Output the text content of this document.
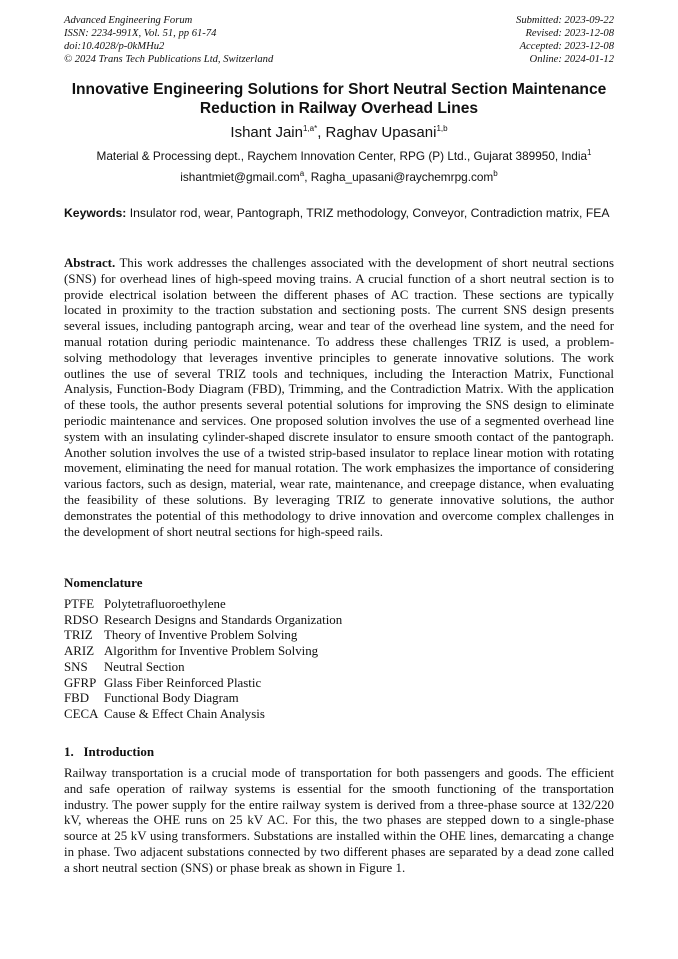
Advanced Engineering Forum
ISSN: 2234-991X, Vol. 51, pp 61-74
doi:10.4028/p-0kMHu2
© 2024 Trans Tech Publications Ltd, Switzerland
Submitted: 2023-09-22
Revised: 2023-12-08
Accepted: 2023-12-08
Online: 2024-01-12
Innovative Engineering Solutions for Short Neutral Section Maintenance Reduction in Railway Overhead Lines
Ishant Jain$^{1,a*}$, Raghav Upasani$^{1,b}$
Material & Processing dept., Raychem Innovation Center, RPG (P) Ltd., Gujarat 389950, India$^1$
ishantmiet@gmail.com$^a$, Ragha_upasani@raychemrpg.com$^b$
Keywords: Insulator rod, wear, Pantograph, TRIZ methodology, Conveyor, Contradiction matrix, FEA
Abstract. This work addresses the challenges associated with the development of short neutral sections (SNS) for overhead lines of high-speed moving trains. A crucial function of a short neutral section is to provide electrical isolation between the different phases of AC traction. These sections are typically located in proximity to the traction substation and sectioning posts. The current SNS design presents several issues, including pantograph arcing, wear and tear of the overhead line system, and the need for manual rotation during periodic maintenance. To address these challenges TRIZ is used, a problem-solving methodology that leverages inventive principles to generate innovative solutions. The work outlines the use of several TRIZ tools and techniques, including the Interaction Matrix, Functional Analysis, Function-Body Diagram (FBD), Trimming, and the Contradiction Matrix. With the application of these tools, the author presents several potential solutions for improving the SNS design to eliminate periodic maintenance and services. One proposed solution involves the use of a segmented overhead line system with an insulating cylinder-shaped discrete insulator to ensure smooth contact of the pantograph. Another solution involves the use of a twisted strip-based insulator to replace linear motion with rotating movement, eliminating the need for manual rotation. The work emphasizes the importance of considering various factors, such as design, material, wear rate, maintenance, and creepage distance, when evaluating the feasibility of these solutions. By leveraging TRIZ to generate innovative solutions, the author demonstrates the potential of this methodology to drive innovation and overcome complex challenges in the development of short neutral sections for high-speed rails.
Nomenclature
PTFE Polytetrafluoroethylene
RDSO Research Designs and Standards Organization
TRIZ Theory of Inventive Problem Solving
ARIZ Algorithm for Inventive Problem Solving
SNS	Neutral Section
GFRP Glass Fiber Reinforced Plastic
FBD	Functional Body Diagram
CECA Cause & Effect Chain Analysis
1.   Introduction
Railway transportation is a crucial mode of transportation for both passengers and goods. The efficient and safe operation of railway systems is essential for the smooth functioning of the transportation industry. The power supply for the entire railway system is derived from a three-phase source at 132/220 kV, whereas the OHE runs on 25 kV AC. For this, the two phases are stepped down to a single-phase source at 25 kV using transformers. Substations are installed within the OHE lines, demarcating a change in phase. Two adjacent substations connected by two different phases are separated by a dead zone called a short neutral section (SNS) or phase break as shown in Figure 1.
